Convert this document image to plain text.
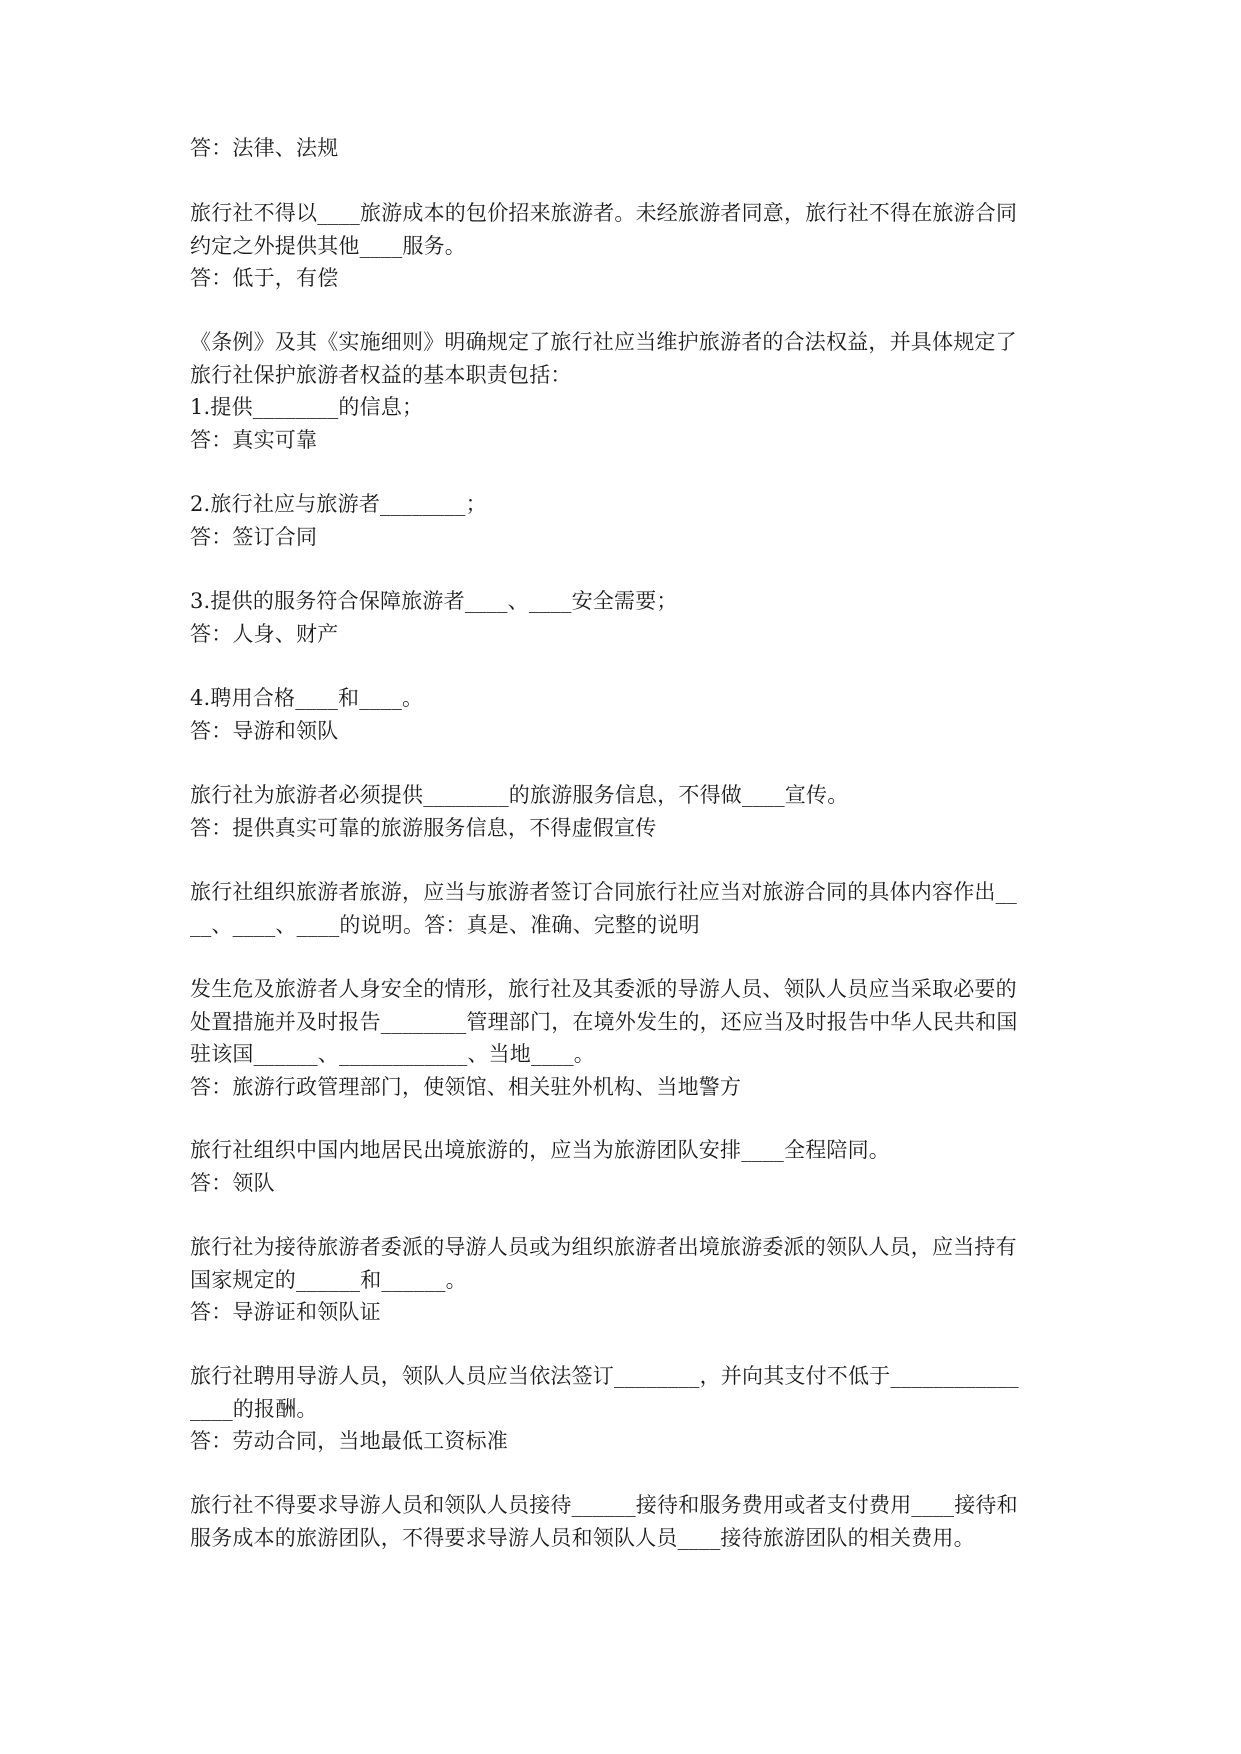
答：法律、法规
旅行社不得以____旅游成本的包价招来旅游者。未经旅游者同意，旅行社不得在旅游合同
约定之外提供其他____服务。
答：低于，有偿
《条例》及其《实施细则》明确规定了旅行社应当维护旅游者的合法权益，并具体规定了
旅行社保护旅游者权益的基本职责包括：
1.提供________的信息；
答：真实可靠
2.旅行社应与旅游者________；
答：签订合同
3.提供的服务符合保障旅游者____、____安全需要；
答：人身、财产
4.聘用合格____和____。
答：导游和领队
旅行社为旅游者必须提供________的旅游服务信息，不得做____宣传。
答：提供真实可靠的旅游服务信息，不得虚假宣传
旅行社组织旅游者旅游，应当与旅游者签订合同旅行社应当对旅游合同的具体内容作出__
__、____、____的说明。答：真是、准确、完整的说明
发生危及旅游者人身安全的情形，旅行社及其委派的导游人员、领队人员应当采取必要的
处置措施并及时报告________管理部门，在境外发生的，还应当及时报告中华人民共和国
驻该国______、____________、当地____。
答：旅游行政管理部门，使领馆、相关驻外机构、当地警方
旅行社组织中国内地居民出境旅游的，应当为旅游团队安排____全程陪同。
答：领队
旅行社为接待旅游者委派的导游人员或为组织旅游者出境旅游委派的领队人员，应当持有
国家规定的______和______。
答：导游证和领队证
旅行社聘用导游人员，领队人员应当依法签订________，并向其支付不低于____________
____的报酬。
答：劳动合同，当地最低工资标准
旅行社不得要求导游人员和领队人员接待______接待和服务费用或者支付费用____接待和
服务成本的旅游团队，不得要求导游人员和领队人员____接待旅游团队的相关费用。
